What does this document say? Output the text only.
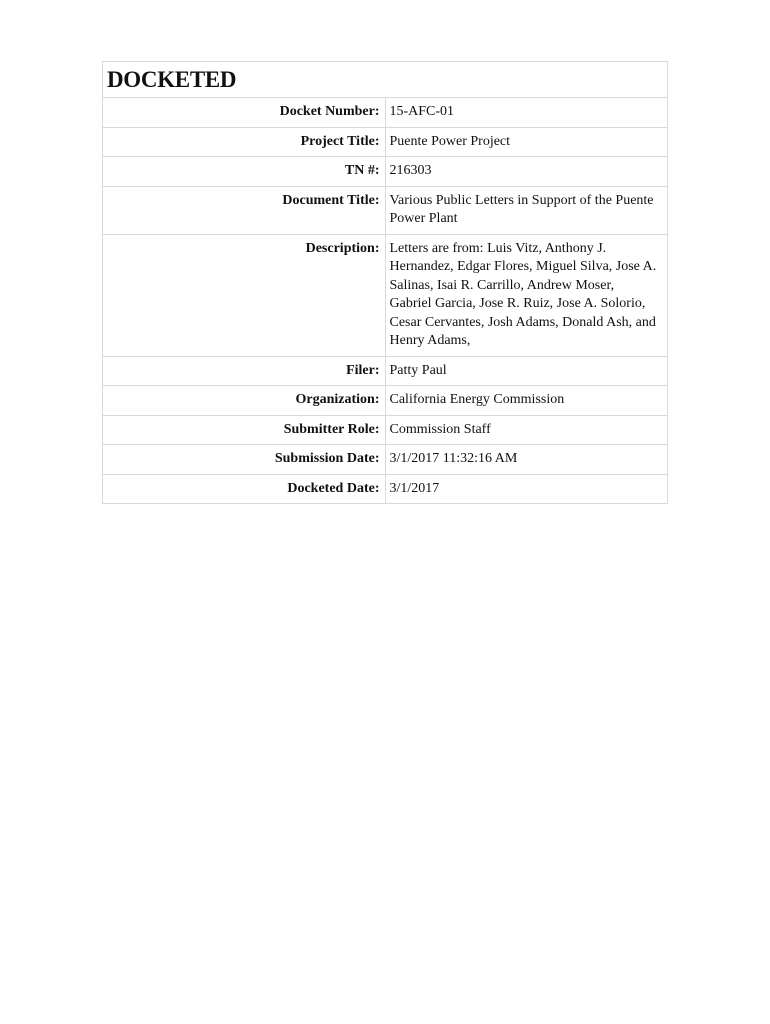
DOCKETED	
Docket Number:	15-AFC-01
Project Title:	Puente Power Project
TN #:	216303
Document Title:	Various Public Letters in Support of the Puente Power Plant
Description:	Letters are from: Luis Vitz, Anthony J. Hernandez, Edgar Flores, Miguel Silva, Jose A. Salinas, Isai R. Carrillo, Andrew Moser, Gabriel Garcia, Jose R. Ruiz, Jose A. Solorio, Cesar Cervantes, Josh Adams, Donald Ash, and Henry Adams,
Filer:	Patty Paul
Organization:	California Energy Commission
Submitter Role:	Commission Staff
Submission Date:	3/1/2017 11:32:16 AM
Docketed Date:	3/1/2017
